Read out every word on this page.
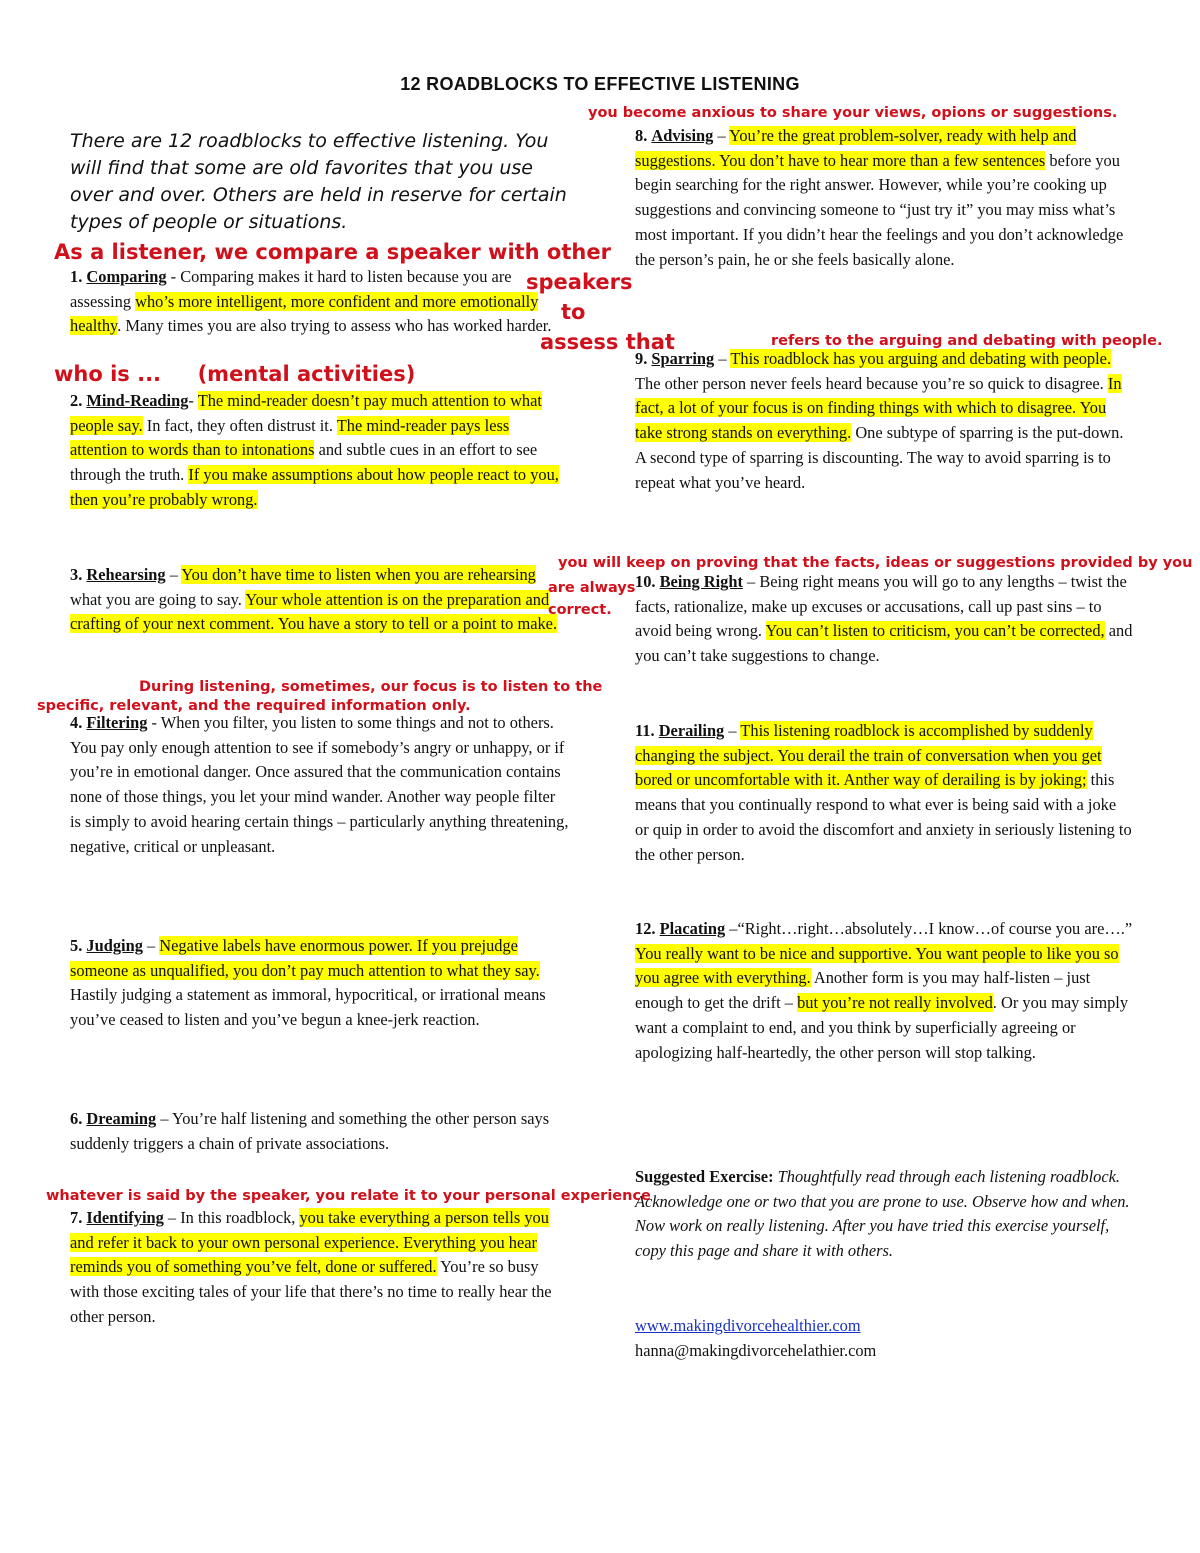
12 ROADBLOCKS TO EFFECTIVE LISTENING
There are 12 roadblocks to effective listening. You will find that some are old favorites that you use over and over. Others are held in reserve for certain types of people or situations.

1. Comparing - Comparing makes it hard to listen because you are assessing who’s more intelligent, more confident and more emotionally healthy. Many times you are also trying to assess who has worked harder.

2. Mind-Reading- The mind-reader doesn’t pay much attention to what people say. In fact, they often distrust it. The mind-reader pays less attention to words than to intonations and subtle cues in an effort to see through the truth. If you make assumptions about how people react to you, then you’re probably wrong.

3. Rehearsing – You don’t have time to listen when you are rehearsing what you are going to say. Your whole attention is on the preparation and crafting of your next comment. You have a story to tell or a point to make.

4. Filtering - When you filter, you listen to some things and not to others. You pay only enough attention to see if somebody’s angry or unhappy, or if you’re in emotional danger. Once assured that the communication contains none of those things, you let your mind wander. Another way people filter is simply to avoid hearing certain things – particularly anything threatening, negative, critical or unpleasant.

5. Judging – Negative labels have enormous power. If you prejudge someone as unqualified, you don’t pay much attention to what they say. Hastily judging a statement as immoral, hypocritical, or irrational means you’ve ceased to listen and you’ve begun a knee-jerk reaction.

6. Dreaming – You’re half listening and something the other person says suddenly triggers a chain of private associations.

7. Identifying – In this roadblock, you take everything a person tells you and refer it back to your own personal experience. Everything you hear reminds you of something you’ve felt, done or suffered. You’re so busy with those exciting tales of your life that there’s no time to really hear the other person.

8. Advising – You’re the great problem-solver, ready with help and suggestions. You don’t have to hear more than a few sentences before you begin searching for the right answer. However, while you’re cooking up suggestions and convincing someone to “just try it” you may miss what’s most important. If you didn’t hear the feelings and you don’t acknowledge the person’s pain, he or she feels basically alone.

9. Sparring – This roadblock has you arguing and debating with people. The other person never feels heard because you’re so quick to disagree. In fact, a lot of your focus is on finding things with which to disagree. You take strong stands on everything. One subtype of sparring is the put-down. A second type of sparring is discounting. The way to avoid sparring is to repeat what you’ve heard.

10. Being Right – Being right means you will go to any lengths – twist the facts, rationalize, make up excuses or accusations, call up past sins – to avoid being wrong. You can’t listen to criticism, you can’t be corrected, and you can’t take suggestions to change.

11. Derailing – This listening roadblock is accomplished by suddenly changing the subject. You derail the train of conversation when you get bored or uncomfortable with it. Anther way of derailing is by joking; this means that you continually respond to what ever is being said with a joke or quip in order to avoid the discomfort and anxiety in seriously listening to the other person.

12. Placating –“Right…right…absolutely…I know…of course you are….” You really want to be nice and supportive. You want people to like you so you agree with everything. Another form is you may half-listen – just enough to get the drift – but you’re not really involved. Or you may simply want a complaint to end, and you think by superficially agreeing or apologizing half-heartedly, the other person will stop talking.

Suggested Exercise: Thoughtfully read through each listening roadblock. Acknowledge one or two that you are prone to use. Observe how and when. Now work on really listening. After you have tried this exercise yourself, copy this page and share it with others.

www.makingdivorcehealthier.com
hanna@makingdivorcehelathier.com

you become anxious to share your views, opions or suggestions.
As a listener, we compare a speaker with other
speakers
to
assess that
who is ...     (mental activities)
refers to the arguing and debating with people.
you will keep on proving that the facts, ideas or suggestions provided by you
are always
correct.
During listening, sometimes, our focus is to listen to the
specific, relevant, and the required information only.
whatever is said by the speaker, you relate it to your personal experience
